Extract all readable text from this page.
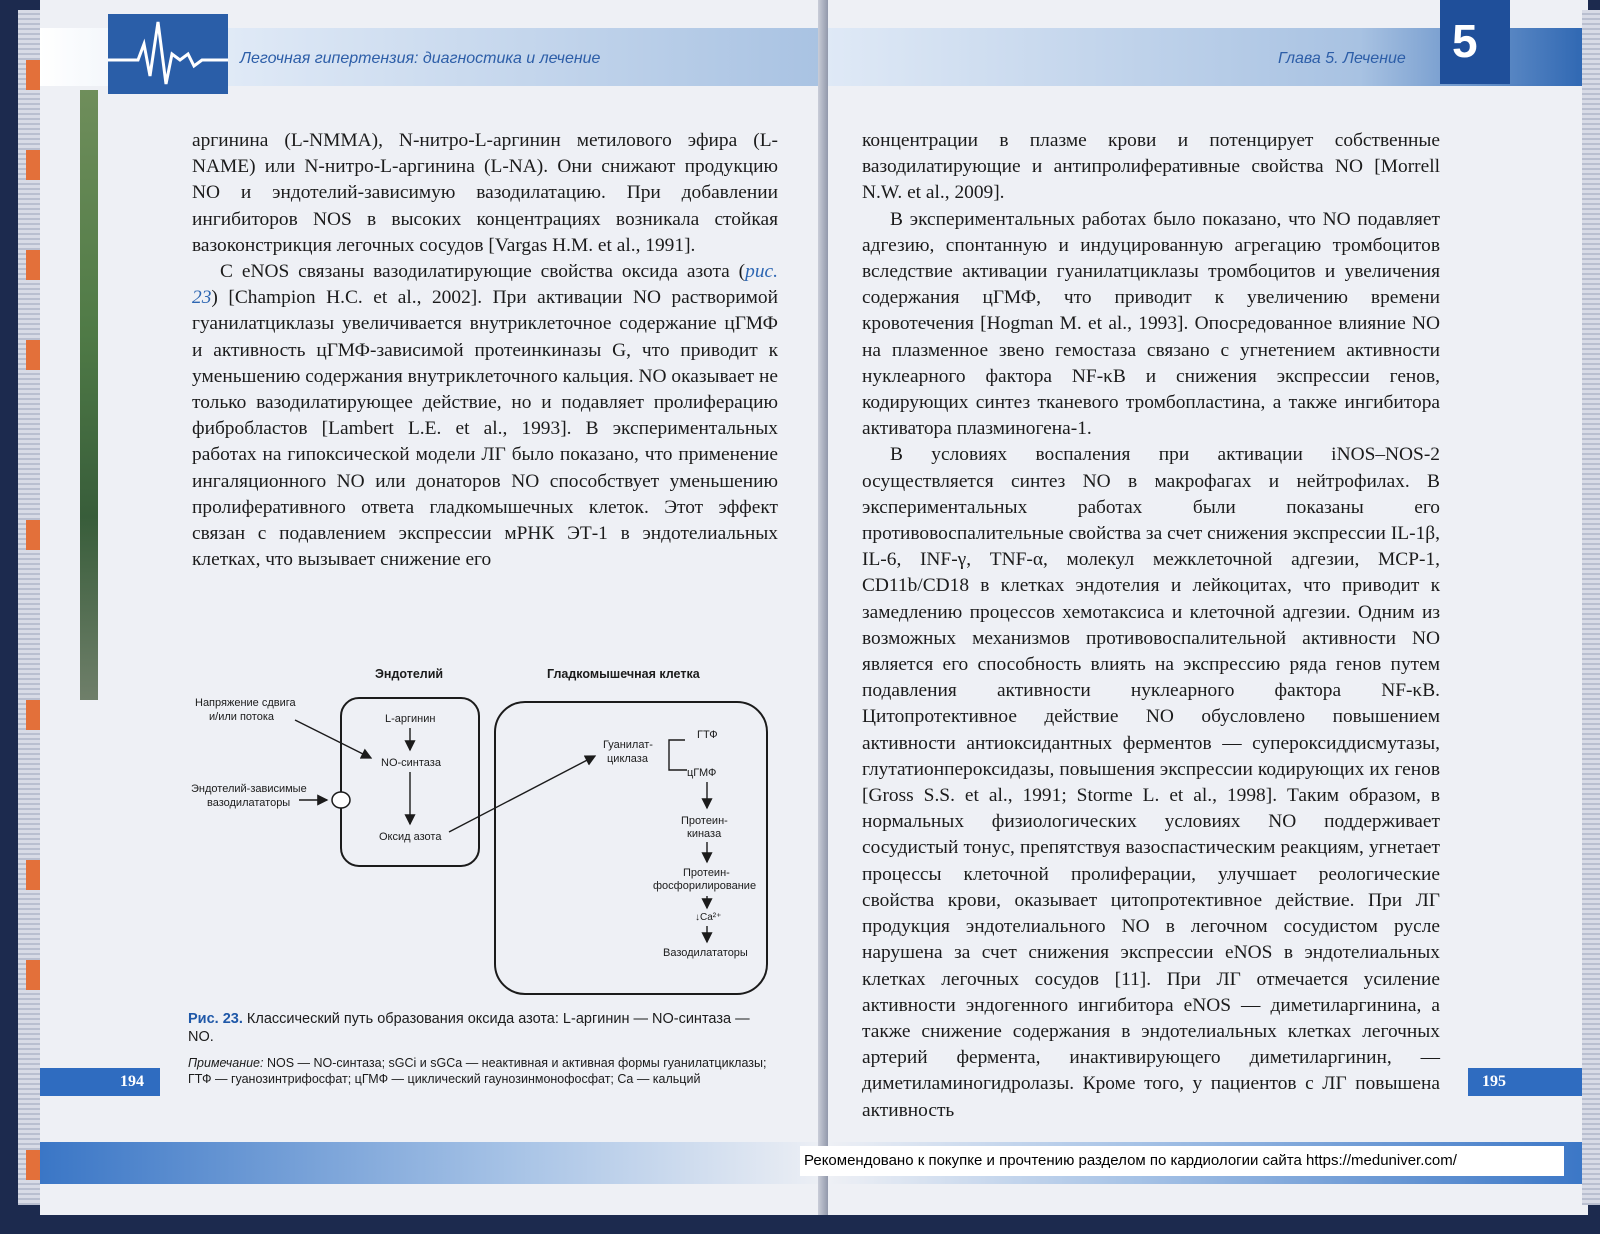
Легочная гипертензия: диагностика и лечение

аргинина (L-NMMA), N-нитро-L-аргинин метилового эфира (L-NAME) или N-нитро-L-аргинина (L-NA). Они снижают продукцию NO и эндотелий-зависимую вазодилатацию. При добавлении ингибиторов NOS в высоких концентрациях возникала стойкая вазоконстрикция легочных сосудов [Vargas H.M. et al., 1991].

С eNOS связаны вазодилатирующие свойства оксида азота (рис. 23) [Champion H.C. et al., 2002]. При активации NO растворимой гуанилатциклазы увеличивается внутриклеточное содержание цГМФ и активность цГМФ-зависимой протеинкиназы G, что приводит к уменьшению содержания внутриклеточного кальция. NO оказывает не только вазодилатирующее действие, но и подавляет пролиферацию фибробластов [Lambert L.E. et al., 1993]. В экспериментальных работах на гипоксической модели ЛГ было показано, что применение ингаляционного NO или донаторов NO способствует уменьшению пролиферативного ответа гладкомышечных клеток. Этот эффект связан с подавлением экспрессии мРНК ЭТ-1 в эндотелиальных клетках, что вызывает снижение его

Эндотелий	Гладкомышечная клетка
Напряжение сдвига
и/или потока
Эндотелий-зависимые
вазодилататоры
L-аргинин
NO-синтаза
Оксид азота
Гуанилат-
циклаза
ГТФ
цГМФ
Протеин-
киназа
Протеин-
фосфорилирование
↓Ca²⁺
Вазодилататоры
Рис. 23. Классический путь образования оксида азота: L-аргинин — NO-синтаза — NO.
Примечание: NOS — NO-синтаза; sGCi и sGCa — неактивная и активная формы гуанилатциклазы; ГТФ — гуанозинтрифосфат; цГМФ — циклический гаунозинмонофосфат; Ca — кальций
194
Глава 5. Лечение

концентрации в плазме крови и потенцирует собственные вазодилатирующие и антипролиферативные свойства NO [Morrell N.W. et al., 2009].

В экспериментальных работах было показано, что NO подавляет адгезию, спонтанную и индуцированную агрегацию тромбоцитов вследствие активации гуанилатциклазы тромбоцитов и увеличения содержания цГМФ, что приводит к увеличению времени кровотечения [Hogman M. et al., 1993]. Опосредованное влияние NO на плазменное звено гемостаза связано с угнетением активности нуклеарного фактора NF-κB и снижения экспрессии генов, кодирующих синтез тканевого тромбопластина, а также ингибитора активатора плазминогена-1.

В условиях воспаления при активации iNOS–NOS-2 осуществляется синтез NO в макрофагах и нейтрофилах. В экспериментальных работах были показаны его противовоспалительные свойства за счет снижения экспрессии IL-1β, IL-6, INF-γ, TNF-α, молекул межклеточной адгезии, MCP-1, CD11b/CD18 в клетках эндотелия и лейкоцитах, что приводит к замедлению процессов хемотаксиса и клеточной адгезии. Одним из возможных механизмов противовоспалительной активности NO является его способность влиять на экспрессию ряда генов путем подавления активности нуклеарного фактора NF-κB. Цитопротективное действие NO обусловлено повышением активности антиоксидантных ферментов — супероксиддисмутазы, глутатионпероксидазы, повышения экспрессии кодирующих их генов [Gross S.S. et al., 1991; Storme L. et al., 1998]. Таким образом, в нормальных физиологических условиях NO поддерживает сосудистый тонус, препятствуя вазоспастическим реакциям, угнетает процессы клеточной пролиферации, улучшает реологические свойства крови, оказывает цитопротективное действие. При ЛГ продукция эндотелиального NO в легочном сосудистом русле нарушена за счет снижения экспрессии eNOS в эндотелиальных клетках легочных сосудов [11]. При ЛГ отмечается усиление активности эндогенного ингибитора eNOS — диметиларгинина, а также снижение содержания в эндотелиальных клетках легочных артерий фермента, инактивирующего диметиларгинин, — диметиламиногидролазы. Кроме того, у пациентов с ЛГ повышена активность

195
5
Рекомендовано к покупке и прочтению разделом по кардиологии сайта https://meduniver.com/
